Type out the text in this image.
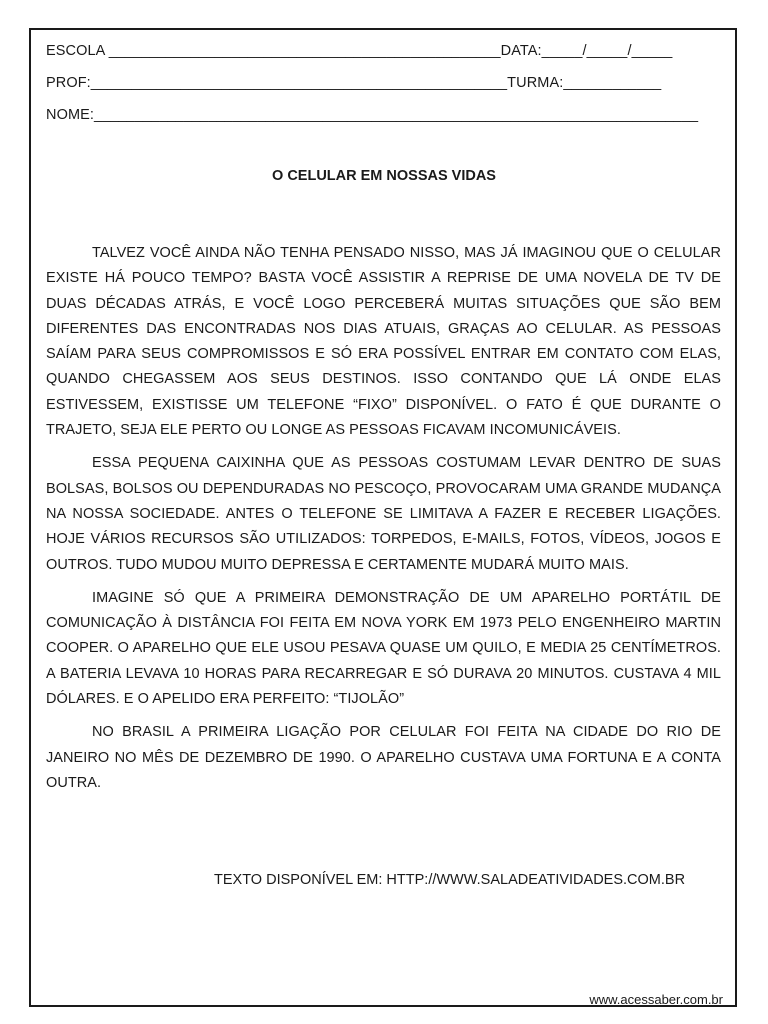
ESCOLA ________________________________________________DATA:_____/_____/_____
PROF:___________________________________________________TURMA:____________
NOME:__________________________________________________________________________
O CELULAR EM NOSSAS VIDAS

TALVEZ VOCÊ AINDA NÃO TENHA PENSADO NISSO, MAS JÁ IMAGINOU QUE O CELULAR EXISTE HÁ POUCO TEMPO? BASTA VOCÊ ASSISTIR A REPRISE DE UMA NOVELA DE TV DE DUAS DÉCADAS ATRÁS, E VOCÊ LOGO PERCEBERÁ MUITAS SITUAÇÕES QUE SÃO BEM DIFERENTES DAS ENCONTRADAS NOS DIAS ATUAIS, GRAÇAS AO CELULAR. AS PESSOAS SAÍAM PARA SEUS COMPROMISSOS E SÓ ERA POSSÍVEL ENTRAR EM CONTATO COM ELAS, QUANDO CHEGASSEM AOS SEUS DESTINOS. ISSO CONTANDO QUE LÁ ONDE ELAS ESTIVESSEM, EXISTISSE UM TELEFONE “FIXO” DISPONÍVEL. O FATO É QUE DURANTE O TRAJETO, SEJA ELE PERTO OU LONGE AS PESSOAS FICAVAM INCOMUNICÁVEIS.

ESSA PEQUENA CAIXINHA QUE AS PESSOAS COSTUMAM LEVAR DENTRO DE SUAS BOLSAS, BOLSOS OU DEPENDURADAS NO PESCOÇO, PROVOCARAM UMA GRANDE MUDANÇA NA NOSSA SOCIEDADE. ANTES O TELEFONE SE LIMITAVA A FAZER E RECEBER LIGAÇÕES. HOJE VÁRIOS RECURSOS SÃO UTILIZADOS: TORPEDOS, E-MAILS, FOTOS, VÍDEOS, JOGOS E OUTROS. TUDO MUDOU MUITO DEPRESSA E CERTAMENTE MUDARÁ MUITO MAIS.

IMAGINE SÓ QUE A PRIMEIRA DEMONSTRAÇÃO DE UM APARELHO PORTÁTIL DE COMUNICAÇÃO À DISTÂNCIA FOI FEITA EM NOVA YORK EM 1973 PELO ENGENHEIRO MARTIN COOPER. O APARELHO QUE ELE USOU PESAVA QUASE UM QUILO, E MEDIA 25 CENTÍMETROS. A BATERIA LEVAVA 10 HORAS PARA RECARREGAR E SÓ DURAVA 20 MINUTOS. CUSTAVA 4 MIL DÓLARES. E O APELIDO ERA PERFEITO: “TIJOLÃO”

NO BRASIL A PRIMEIRA LIGAÇÃO POR CELULAR FOI FEITA NA CIDADE DO RIO DE JANEIRO NO MÊS DE DEZEMBRO DE 1990. O APARELHO CUSTAVA UMA FORTUNA E A CONTA OUTRA.

TEXTO DISPONÍVEL EM: HTTP://WWW.SALADEATIVIDADES.COM.BR
www.acessaber.com.br
